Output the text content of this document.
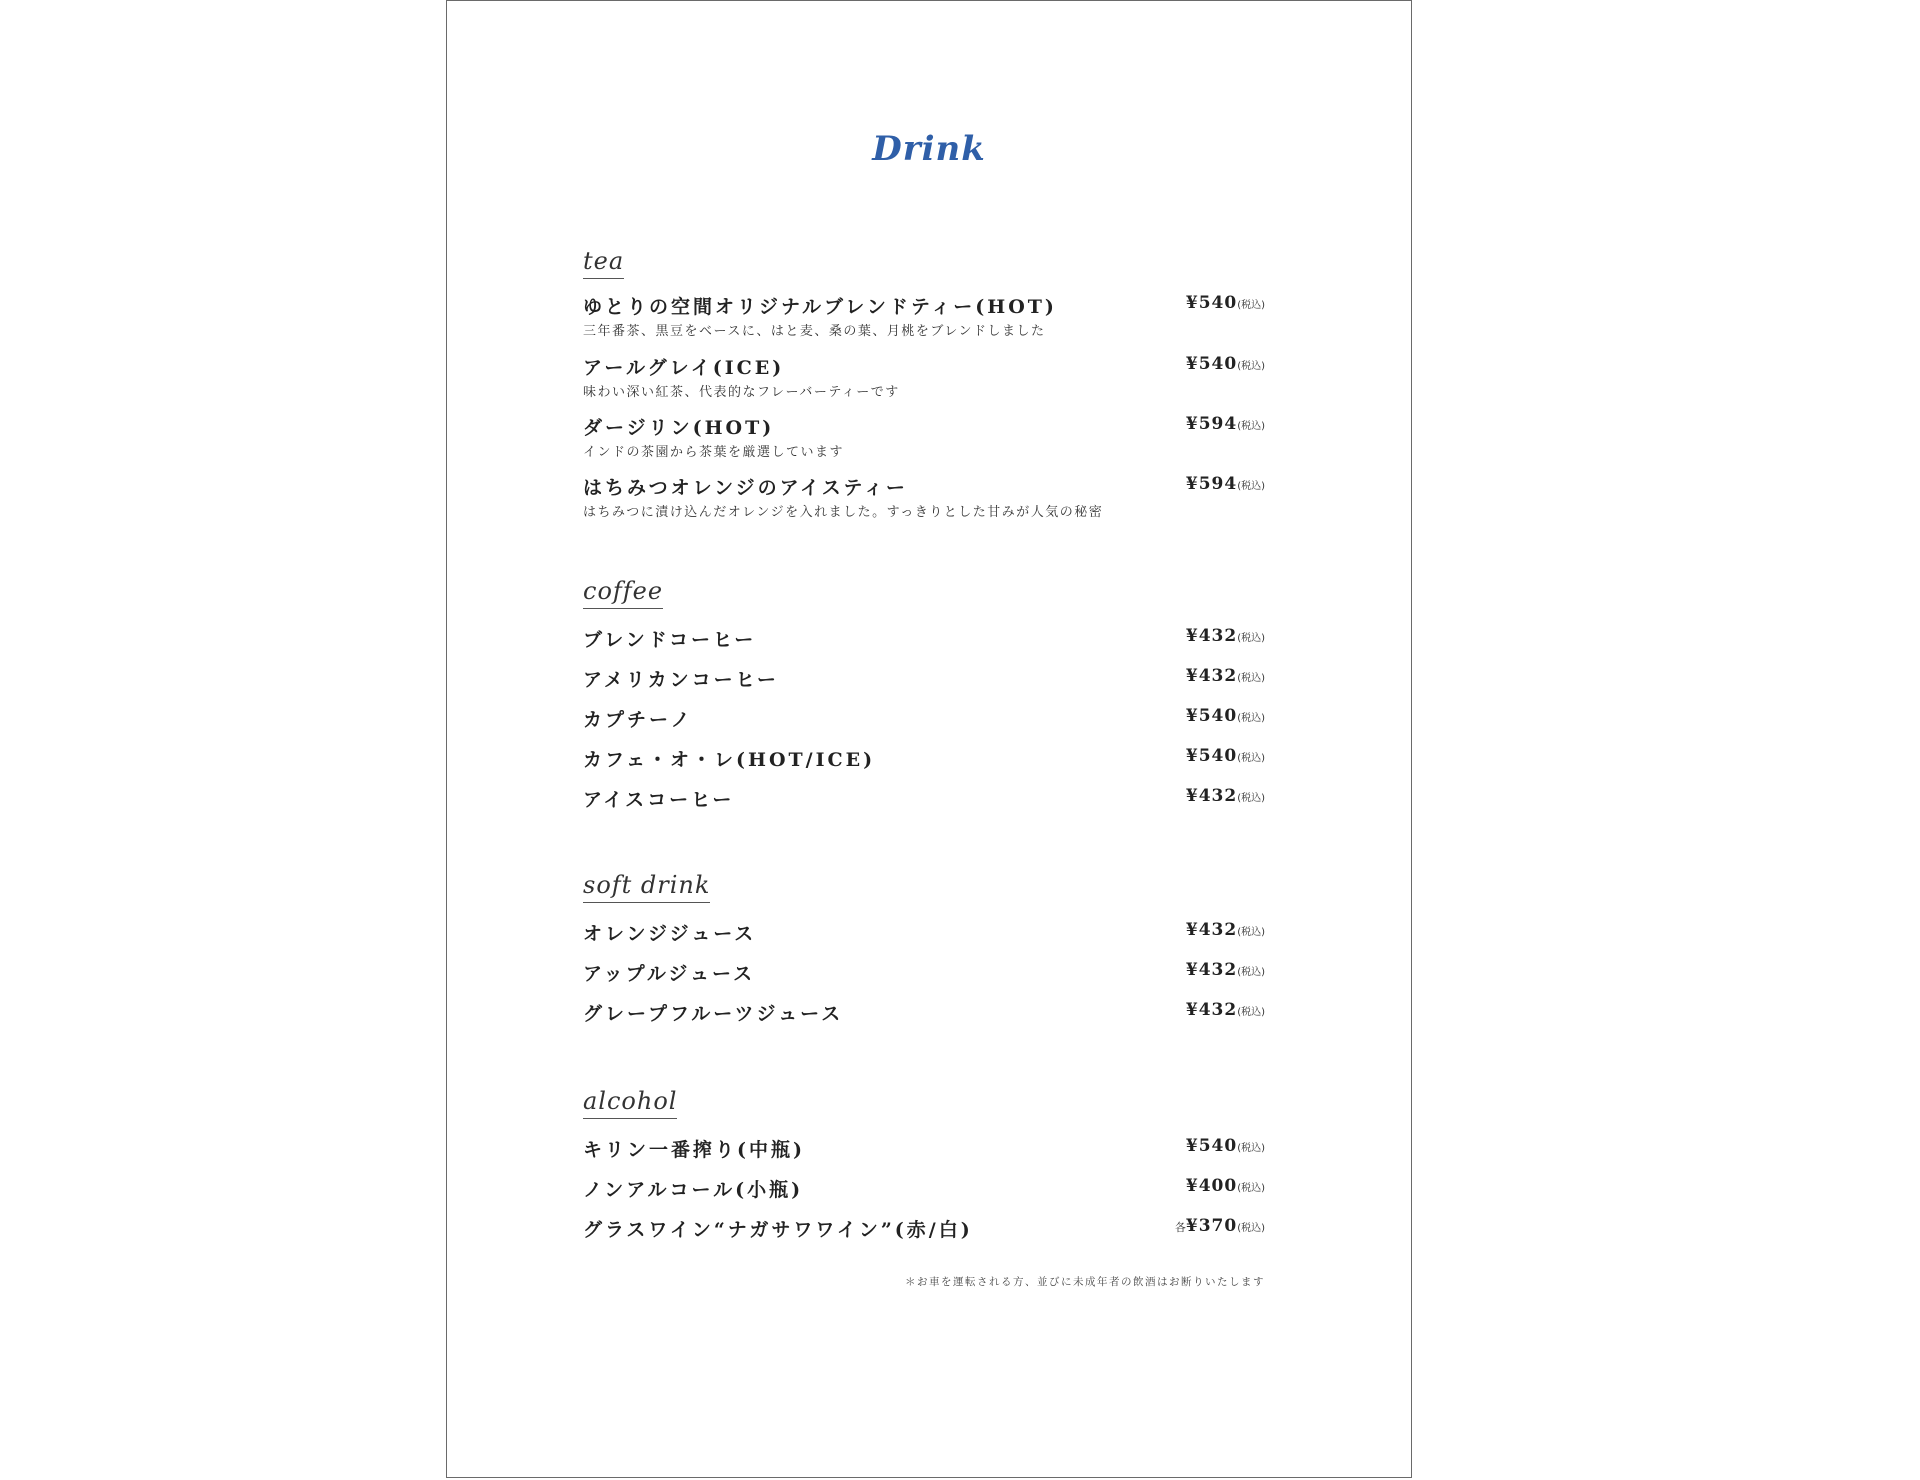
Drink
tea
ゆとりの空間オリジナルブレンドティー(HOT)
三年番茶、黒豆をベースに、はと麦、桑の葉、月桃をブレンドしました
¥540(税込)
アールグレイ(ICE)
味わい深い紅茶、代表的なフレーバーティーです
¥540(税込)
ダージリン(HOT)
インドの茶園から茶葉を厳選しています
¥594(税込)
はちみつオレンジのアイスティー
はちみつに漬け込んだオレンジを入れました。すっきりとした甘みが人気の秘密
¥594(税込)
coffee
ブレンドコーヒー	¥432(税込)
アメリカンコーヒー	¥432(税込)
カプチーノ	¥540(税込)
カフェ・オ・レ(HOT/ICE)	¥540(税込)
アイスコーヒー	¥432(税込)
soft drink
オレンジジュース	¥432(税込)
アップルジュース	¥432(税込)
グレープフルーツジュース	¥432(税込)
alcohol
キリン一番搾り(中瓶)	¥540(税込)
ノンアルコール(小瓶)	¥400(税込)
グラスワイン“ナガサワワイン”(赤/白)	各¥370(税込)
＊お車を運転される方、並びに未成年者の飲酒はお断りいたします
